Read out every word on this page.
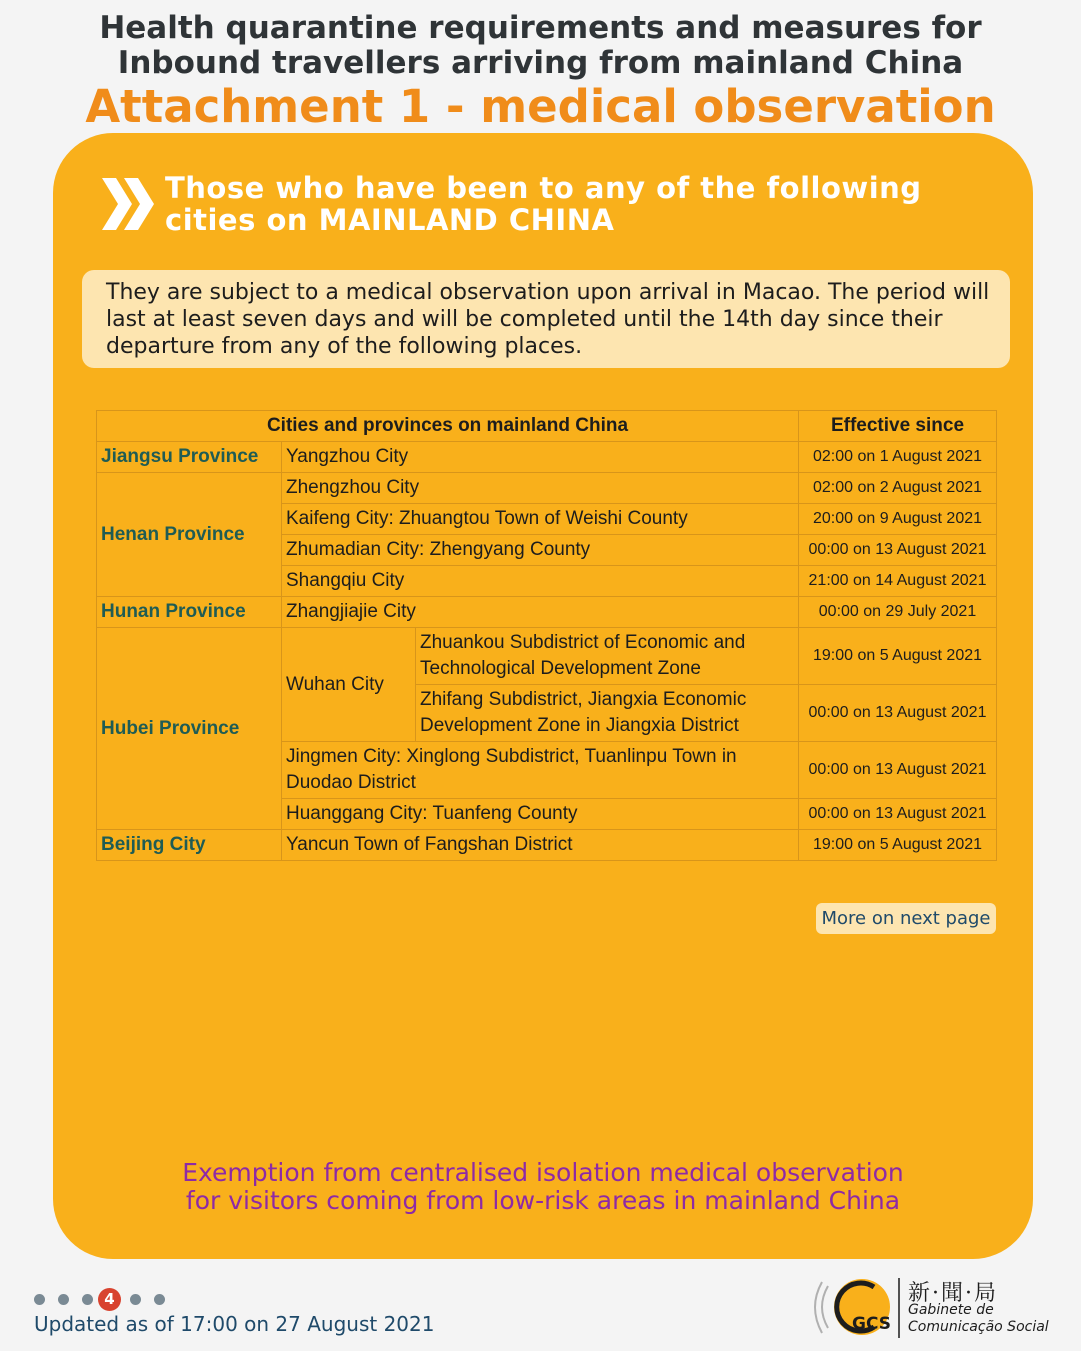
Health quarantine requirements and measures for
Inbound travellers arriving from mainland China
Attachment 1 - medical observation
Those who have been to any of the following
cities on MAINLAND CHINA

They are subject to a medical observation upon arrival in Macao. The period will last at least seven days and will be completed until the 14th day since their departure from any of the following places.

Cities and provinces on mainland China			Effective since
Jiangsu Province	Yangzhou City		02:00 on 1 August 2021
Henan Province	Zhengzhou City		02:00 on 2 August 2021
	Kaifeng City: Zhuangtou Town of Weishi County		20:00 on 9 August 2021
	Zhumadian City: Zhengyang County		00:00 on 13 August 2021
	Shangqiu City		21:00 on 14 August 2021
Hunan Province	Zhangjiajie City		00:00 on 29 July 2021
Hubei Province	Wuhan City	Zhuankou Subdistrict of Economic and Technological Development Zone	19:00 on 5 August 2021
		Zhifang Subdistrict, Jiangxia Economic Development Zone in Jiangxia District	00:00 on 13 August 2021
	Jingmen City: Xinglong Subdistrict, Tuanlinpu Town in Duodao District		00:00 on 13 August 2021
	Huanggang City: Tuanfeng County		00:00 on 13 August 2021
Beijing City	Yancun Town of Fangshan District		19:00 on 5 August 2021
More on next page
Exemption from centralised isolation medical observation
for visitors coming from low-risk areas in mainland China
4
Updated as of 17:00 on 27 August 2021	GCS
新·聞·局
Gabinete de
Comunicação Social
